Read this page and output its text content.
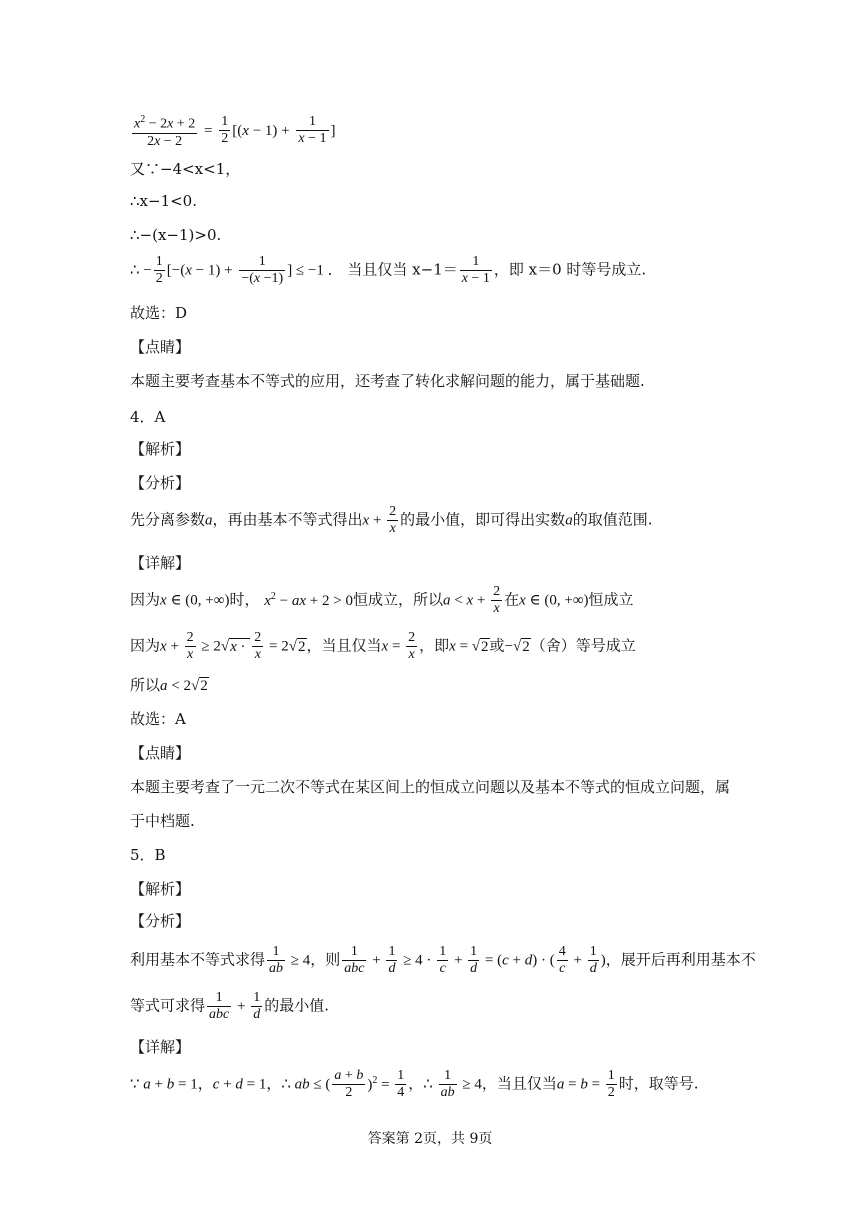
$\frac{x^2 - 2x + 2}{2x - 2} = \frac{1}{2} [(x - 1) + \frac{1}{x - 1}$ ]
又∵−4<x<1，
∴x−1<0.
∴−(x−1)>0.
∴ − $\frac{1}{2} [-(x - 1) + \frac{1}{-(x -1)}$ ] ≤ −1 ． 当且仅当 $x-1= \frac{1}{x - 1}$ ，即 x＝0 时等号成立.
故选：D
【点睛】
本题主要考查基本不等式的应用，还考查了转化求解问题的能力，属于基础题.
4．A
【解析】
【分析】
先分离参数a，再由基本不等式得出$x + \frac{2}{x}$ 的最小值，即可得出实数a的取值范围.
【详解】
因为x ∈ (0, +∞)时， $x^2$ − ax + 2 > 0恒成立，所以$a < x + \frac{2}{x}$ 在x ∈ (0, +∞)恒成立
因为$x + \frac{2}{x} \ge 2√x \cdot \frac{2}{x} = 2√2$，当且仅当$x = \frac{2}{x}$ ，即x = √2或−√2（舍）等号成立
所以a < 2√2
故选：A
【点睛】
本题主要考查了一元二次不等式在某区间上的恒成立问题以及基本不等式的恒成立问题，属
于中档题.
5．B
【解析】
【分析】
利用基本不等式求得 $\frac{1}{ab} \ge 4$，则 $\frac{1}{\text{abc}} + \frac{1}{d} \ge 4 \cdot \frac{1}{c} + \frac{1}{d} = (c + d)$ · ( $\frac{4}{c} + \frac{1}{d}$ )，展开后再利用基本不
等式可求得 $\frac{1}{\text{abc}} + \frac{1}{d}$ 的最小值.
【详解】
∵ a + b = 1，c + d = 1，∴ ab ≤ ( $\frac{a + b}{2} )^2 = \frac{1}{4}$ ，∴ $\frac{1}{ab} \ge 4$，当且仅当$a = b = \frac{1}{2}$ 时，取等号.
答案第 2页，共 9页
